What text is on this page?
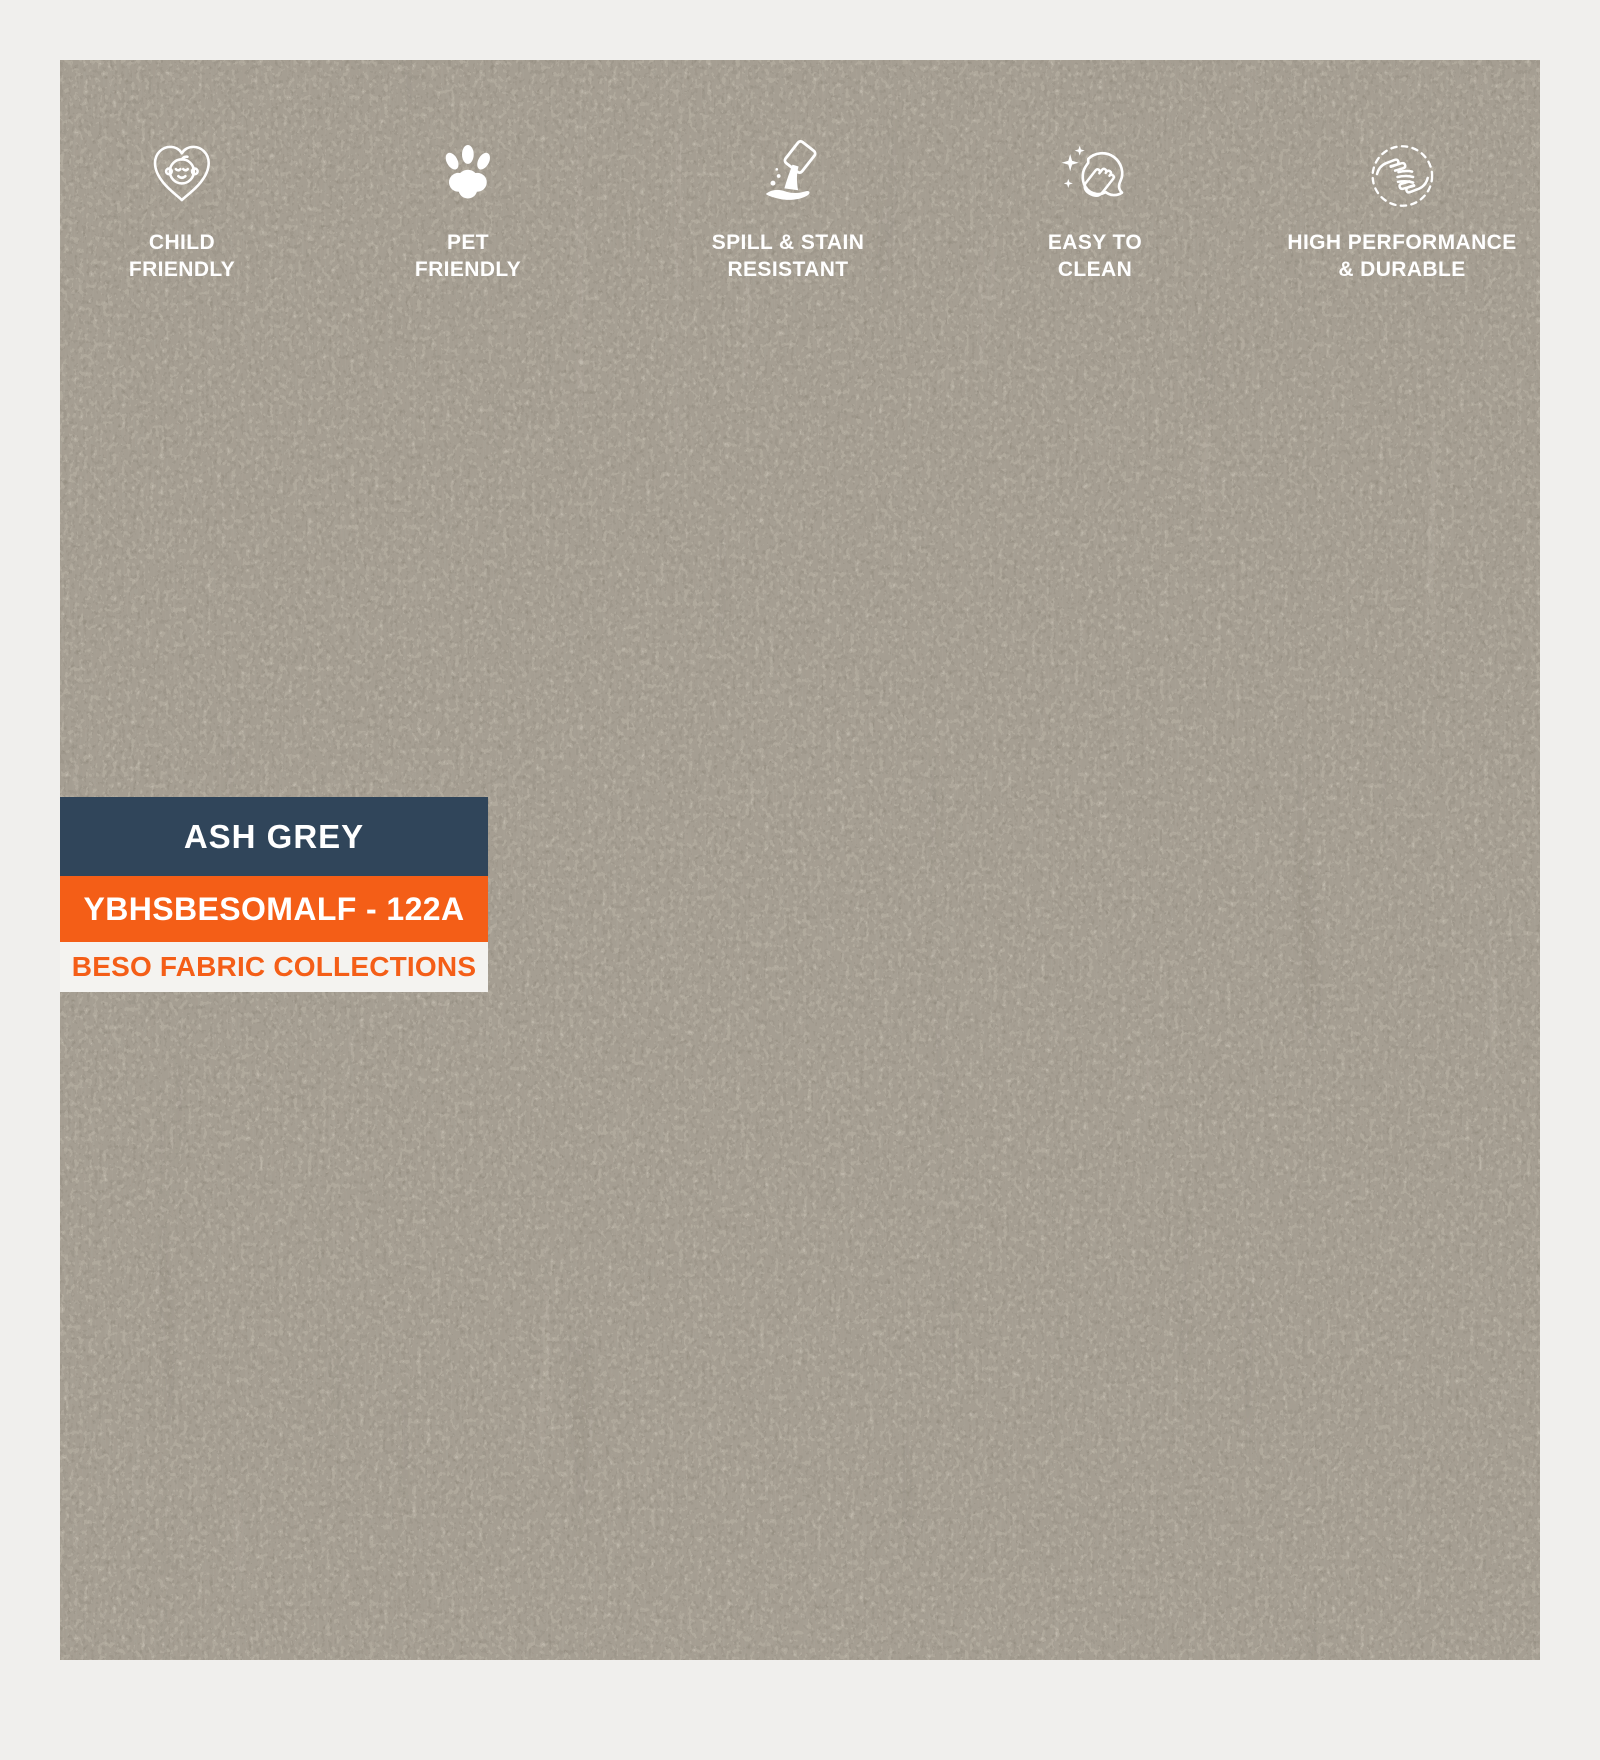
CHILD
FRIENDLY
PET
FRIENDLY
SPILL & STAIN
RESISTANT
EASY TO
CLEAN
HIGH PERFORMANCE
& DURABLE
ASH GREY
YBHSBESOMALF - 122A
BESO FABRIC COLLECTIONS
